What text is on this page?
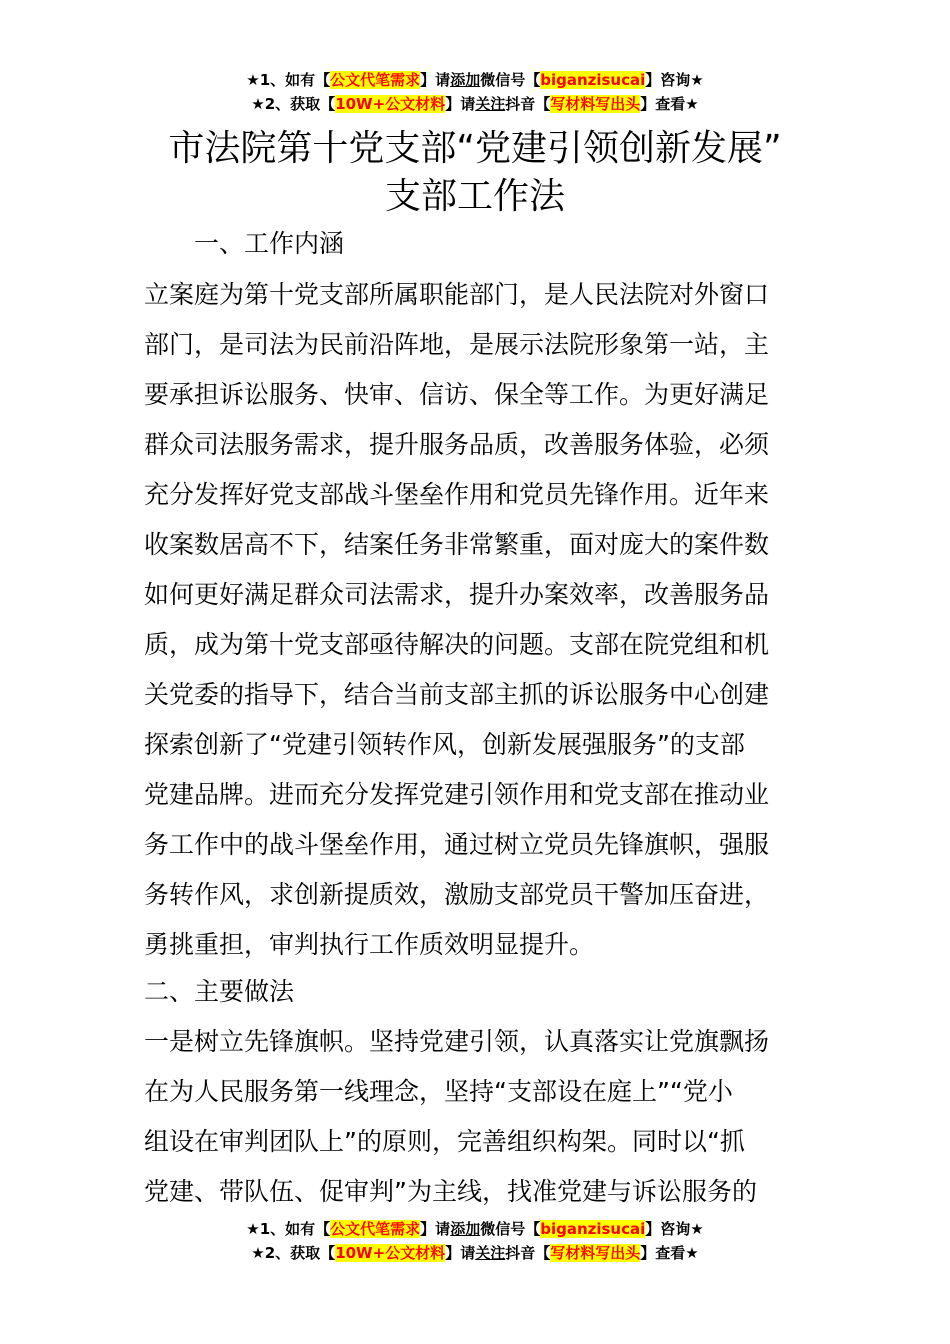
★1、如有【公文代笔需求】请添加微信号【biganzisucai】咨询★
★2、获取【10W+公文材料】请关注抖音【写材料写出头】查看★
市法院第十党支部“党建引领创新发展”
支部工作法
一、工作内涵
立案庭为第十党支部所属职能部门，是人民法院对外窗口
部门，是司法为民前沿阵地，是展示法院形象第一站，主
要承担诉讼服务、快审、信访、保全等工作。为更好满足
群众司法服务需求，提升服务品质，改善服务体验，必须
充分发挥好党支部战斗堡垒作用和党员先锋作用。近年来
收案数居高不下，结案任务非常繁重，面对庞大的案件数
如何更好满足群众司法需求，提升办案效率，改善服务品
质，成为第十党支部亟待解决的问题。支部在院党组和机
关党委的指导下，结合当前支部主抓的诉讼服务中心创建
探索创新了“党建引领转作风，创新发展强服务”的支部
党建品牌。进而充分发挥党建引领作用和党支部在推动业
务工作中的战斗堡垒作用，通过树立党员先锋旗帜，强服
务转作风，求创新提质效，激励支部党员干警加压奋进，
勇挑重担，审判执行工作质效明显提升。
二、主要做法
一是树立先锋旗帜。坚持党建引领，认真落实让党旗飘扬
在为人民服务第一线理念，坚持“支部设在庭上”“党小
组设在审判团队上”的原则，完善组织构架。同时以“抓
党建、带队伍、促审判”为主线，找准党建与诉讼服务的
★1、如有【公文代笔需求】请添加微信号【biganzisucai】咨询★
★2、获取【10W+公文材料】请关注抖音【写材料写出头】查看★
